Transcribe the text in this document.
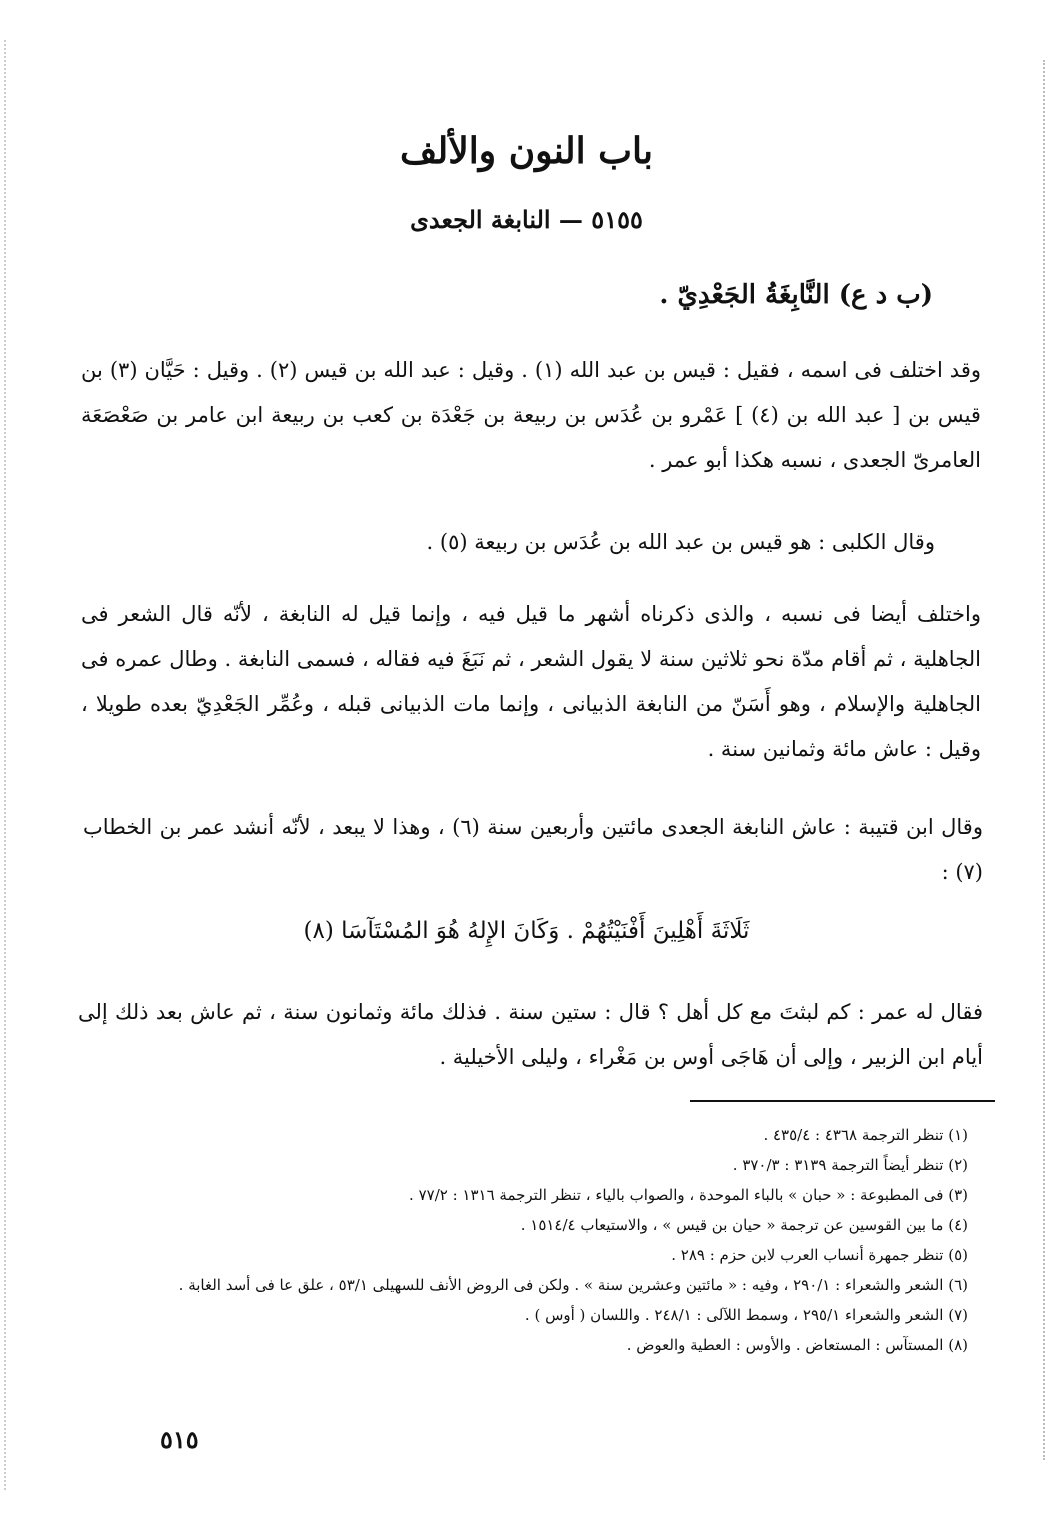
باب النون والألف
٥١٥٥ — النابغة الجعدى

(ب د ع) النَّابِغَةُ الجَعْدِيّ .

وقد اختلف فى اسمه ، فقيل : قيس بن عبد الله (١) . وقيل : عبد الله بن قيس (٢) . وقيل : حَيَّان (٣) بن قيس بن [ عبد الله بن (٤) ] عَمْرو بن عُدَس بن ربيعة بن جَعْدَة بن كعب بن ربيعة ابن عامر بن صَعْصَعَة العامرىّ الجعدى ، نسبه هكذا أبو عمر .

وقال الكلبى : هو قيس بن عبد الله بن عُدَس بن ربيعة (٥) .

واختلف أيضا فى نسبه ، والذى ذكرناه أشهر ما قيل فيه ، وإنما قيل له النابغة ، لأنّه قال الشعر فى الجاهلية ، ثم أقام مدّة نحو ثلاثين سنة لا يقول الشعر ، ثم نَبَغَ فيه فقاله ، فسمى النابغة . وطال عمره فى الجاهلية والإسلام ، وهو أَسَنّ من النابغة الذبيانى ، وإنما مات الذبيانى قبله ، وعُمِّر الجَعْدِيّ بعده طويلا ، وقيل : عاش مائة وثمانين سنة .

وقال ابن قتيبة : عاش النابغة الجعدى مائتين وأربعين سنة (٦) ، وهذا لا يبعد ، لأنّه أنشد عمر بن الخطاب (٧) :

ثَلَاثَةَ أَهْلِينَ أَفْنَيْتُهُمْ . وَكَانَ الإِلهُ هُوَ المُسْتَآسَا (٨)

فقال له عمر : كم لبثتَ مع كل أهل ؟ قال : ستين سنة . فذلك مائة وثمانون سنة ، ثم عاش بعد ذلك إلى أيام ابن الزبير ، وإلى أن هَاجَى أوس بن مَغْراء ، وليلى الأخيلية .

(١) تنظر الترجمة ٤٣٦٨ : ٤٣٥/٤ .
(٢) تنظر أيضاً الترجمة ٣١٣٩ : ٣٧٠/٣ .
(٣) فى المطبوعة : « حبان » بالباء الموحدة ، والصواب بالياء ، تنظر الترجمة ١٣١٦ : ٧٧/٢ .
(٤) ما بين القوسين عن ترجمة « حيان بن قيس » ، والاستيعاب ١٥١٤/٤ .
(٥) تنظر جمهرة أنساب العرب لابن حزم : ٢٨٩ .
(٦) الشعر والشعراء : ٢٩٠/١ ، وفيه : « مائتين وعشرين سنة » . ولكن فى الروض الأنف للسهيلى ٥٣/١ ، علق عا فى أسد الغابة .
(٧) الشعر والشعراء ٢٩٥/١ ، وسمط اللآلى : ٢٤٨/١ . واللسان ( أوس ) .
(٨) المستآس : المستعاض . والأوس : العطية والعوض .

٥١٥
